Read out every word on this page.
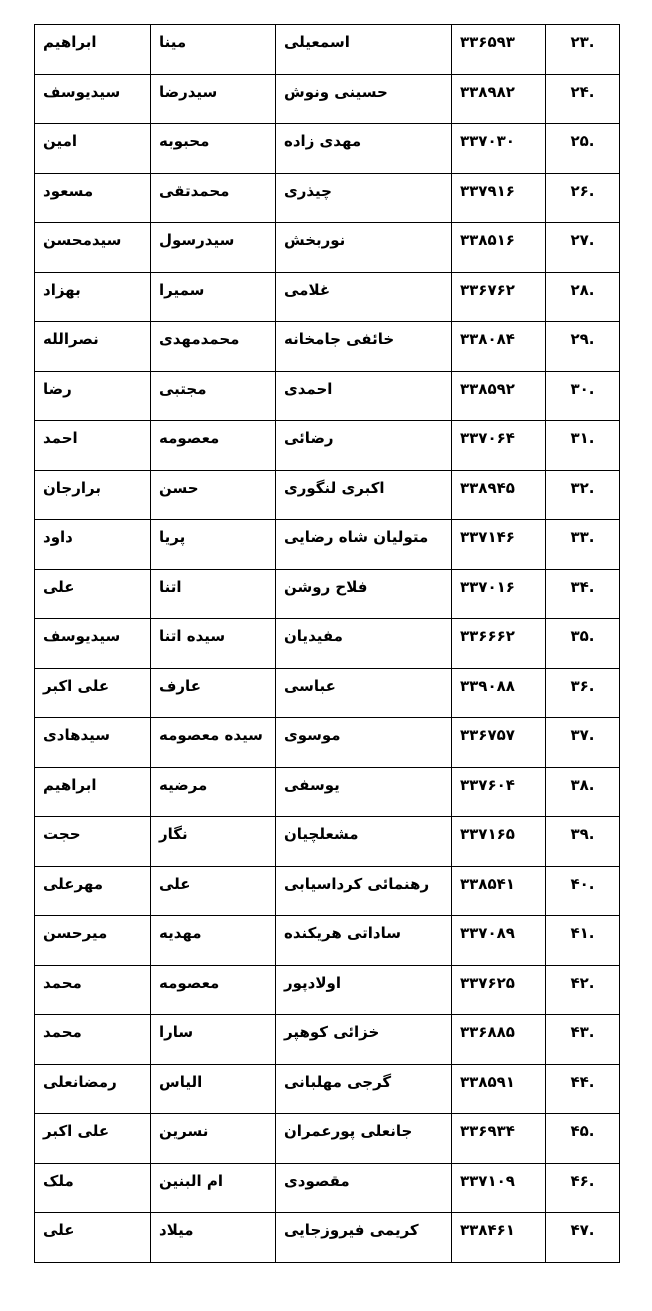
.۲۳	۳۳۶۵۹۳	اسمعیلی	مینا	ابراهیم
.۲۴	۳۳۸۹۸۲	حسینی ونوش	سیدرضا	سیدیوسف
.۲۵	۳۳۷۰۳۰	مهدی زاده	محبوبه	امین
.۲۶	۳۳۷۹۱۶	چیذری	محمدتقی	مسعود
.۲۷	۳۳۸۵۱۶	نوربخش	سیدرسول	سیدمحسن
.۲۸	۳۳۶۷۶۲	غلامی	سمیرا	بهزاد
.۲۹	۳۳۸۰۸۴	خائفی جامخانه	محمدمهدی	نصرالله
.۳۰	۳۳۸۵۹۲	احمدی	مجتبی	رضا
.۳۱	۳۳۷۰۶۴	رضائی	معصومه	احمد
.۳۲	۳۳۸۹۴۵	اکبری لنگوری	حسن	برارجان
.۳۳	۳۳۷۱۴۶	متولیان شاه رضایی	پریا	داود
.۳۴	۳۳۷۰۱۶	فلاح روشن	اتنا	علی
.۳۵	۳۳۶۶۶۲	مفیدیان	سیده اتنا	سیدیوسف
.۳۶	۳۳۹۰۸۸	عباسی	عارف	علی اکبر
.۳۷	۳۳۶۷۵۷	موسوی	سیده معصومه	سیدهادی
.۳۸	۳۳۷۶۰۴	یوسفی	مرضیه	ابراهیم
.۳۹	۳۳۷۱۶۵	مشعلچیان	نگار	حجت
.۴۰	۳۳۸۵۴۱	رهنمائی کرداسیابی	علی	مهرعلی
.۴۱	۳۳۷۰۸۹	ساداتی هریکنده	مهدیه	میرحسن
.۴۲	۳۳۷۶۲۵	اولادپور	معصومه	محمد
.۴۳	۳۳۶۸۸۵	خزائی کوهپر	سارا	محمد
.۴۴	۳۳۸۵۹۱	گرجی مهلبانی	الیاس	رمضانعلی
.۴۵	۳۳۶۹۳۴	جانعلی پورعمران	نسرین	علی اکبر
.۴۶	۳۳۷۱۰۹	مقصودی	ام البنین	ملک
.۴۷	۳۳۸۴۶۱	کریمی فیروزجایی	میلاد	علی
